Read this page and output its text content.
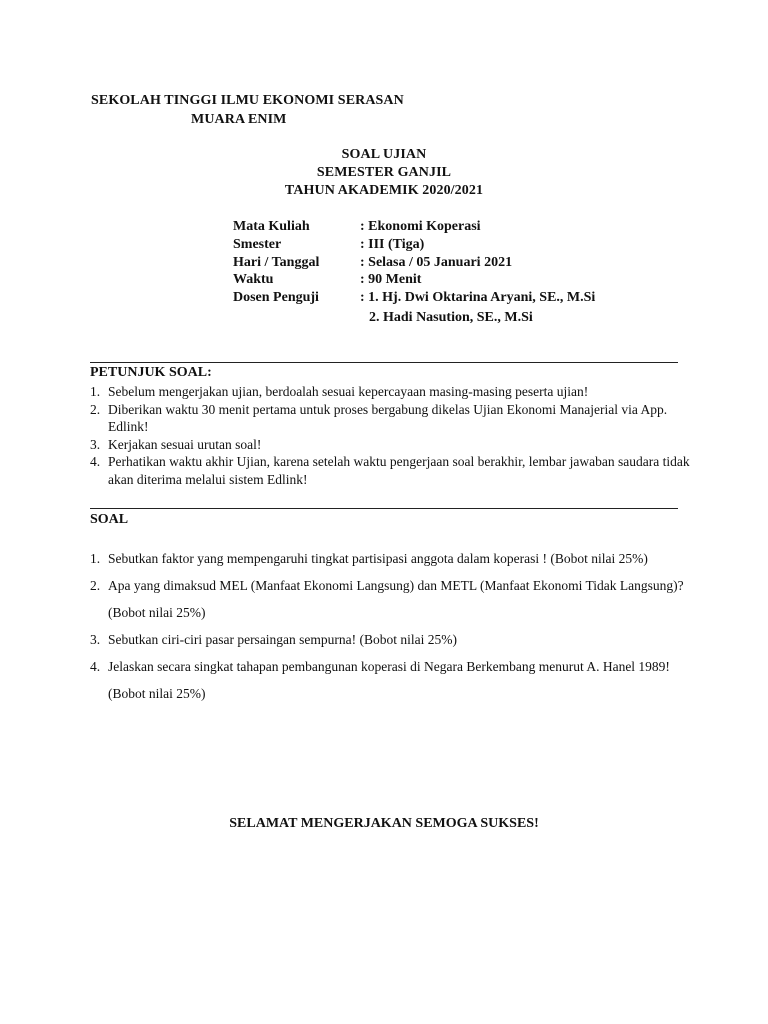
SEKOLAH TINGGI ILMU EKONOMI SERASAN
MUARA ENIM
SOAL UJIAN
SEMESTER GANJIL
TAHUN AKADEMIK 2020/2021
Mata Kuliah	: Ekonomi Koperasi
Smester	: III (Tiga)
Hari / Tanggal	: Selasa / 05 Januari 2021
Waktu	: 90 Menit
Dosen Penguji	: 1. Hj. Dwi Oktarina Aryani, SE., M.Si
2. Hadi Nasution, SE., M.Si
PETUNJUK SOAL:
1. Sebelum mengerjakan ujian, berdoalah sesuai kepercayaan masing-masing peserta ujian!
2. Diberikan waktu 30 menit pertama untuk proses bergabung dikelas Ujian Ekonomi Manajerial via App. Edlink!
3. Kerjakan sesuai urutan soal!
4. Perhatikan waktu akhir Ujian, karena setelah waktu pengerjaan soal berakhir, lembar jawaban saudara tidak akan diterima melalui sistem Edlink!
SOAL
1. Sebutkan faktor yang mempengaruhi tingkat partisipasi anggota dalam koperasi ! (Bobot nilai 25%)
2. Apa yang dimaksud MEL (Manfaat Ekonomi Langsung) dan METL (Manfaat Ekonomi Tidak Langsung)? (Bobot nilai 25%)
3. Sebutkan ciri-ciri pasar persaingan sempurna! (Bobot nilai 25%)
4. Jelaskan secara singkat tahapan pembangunan koperasi di Negara Berkembang menurut A. Hanel 1989! (Bobot nilai 25%)
SELAMAT MENGERJAKAN SEMOGA SUKSES!
